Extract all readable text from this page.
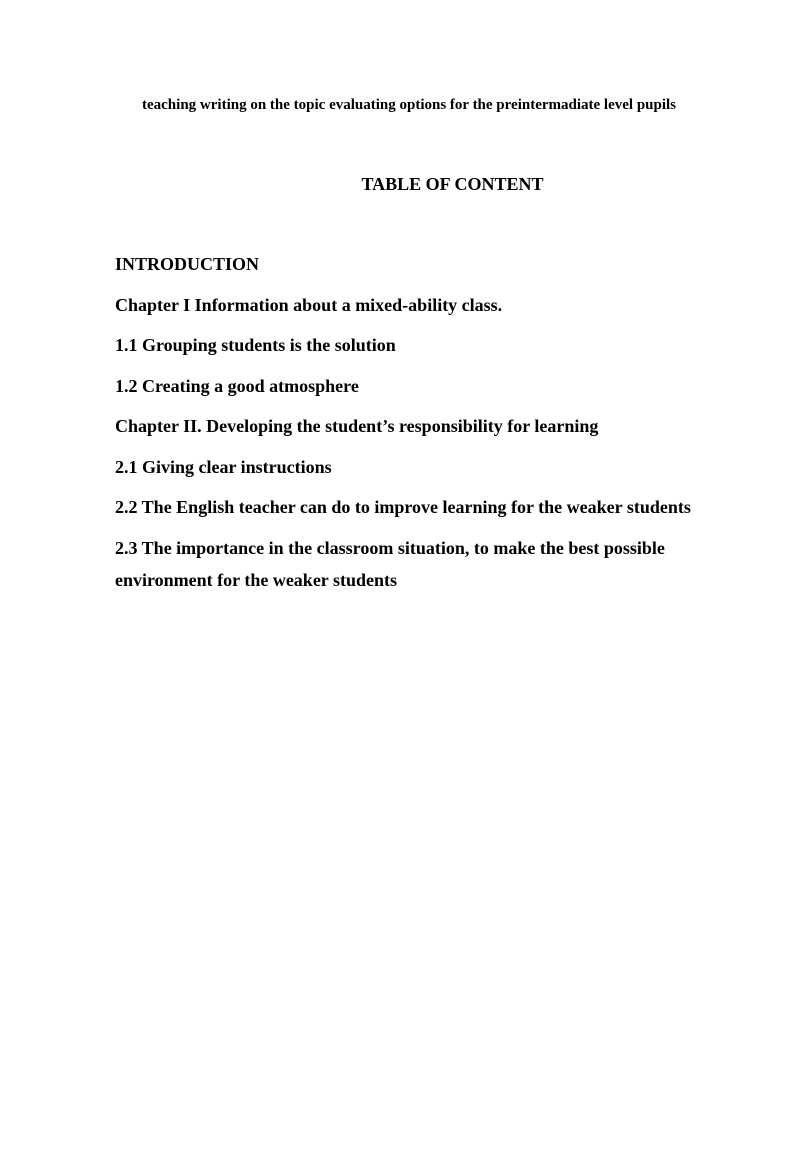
teaching writing on the topic evaluating options for the preintermadiate level pupils

TABLE OF CONTENT
INTRODUCTION
Chapter I Information about a mixed-ability class.
1.1 Grouping students is the solution
1.2 Creating a good atmosphere
Chapter II. Developing the student’s responsibility for learning
2.1 Giving clear instructions
2.2 The English teacher can do to improve learning for the weaker students
2.3 The importance in the classroom situation, to make the best possible environment for the weaker students
